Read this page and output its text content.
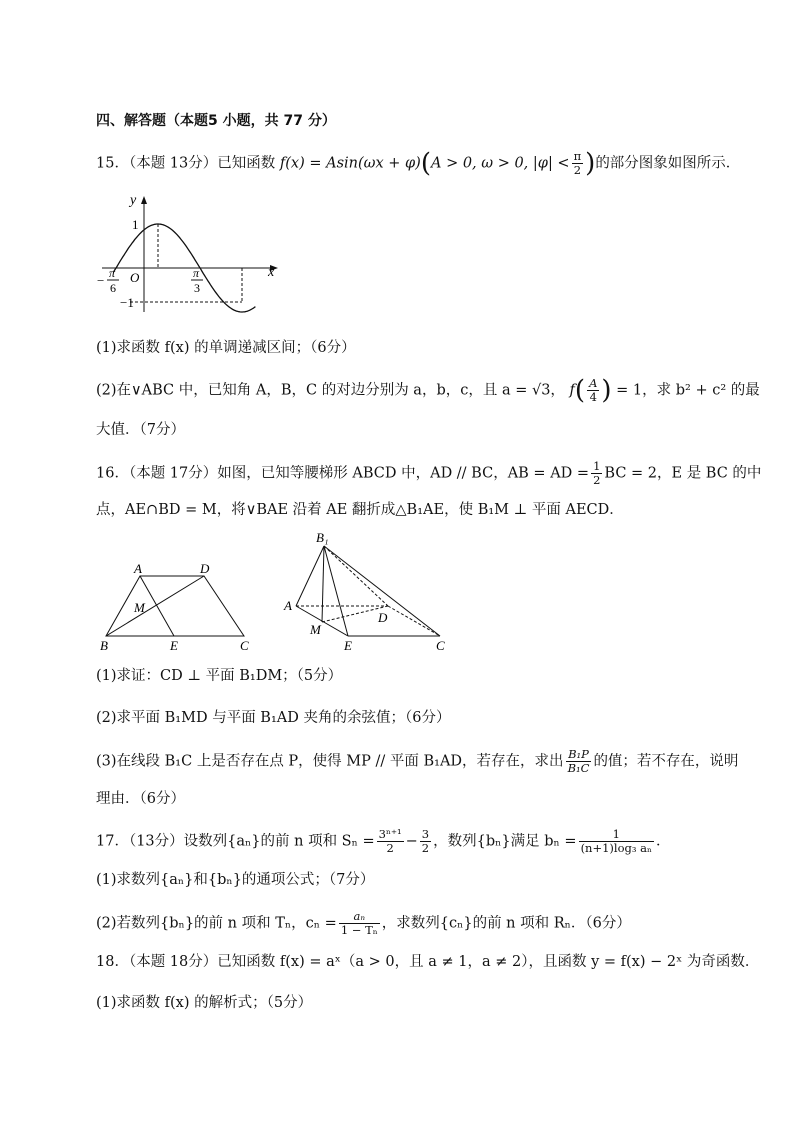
四、解答题（本题5 小题，共 77 分）
15．（本题 13分）已知函数 f(x) = Asin(ωx + φ)(A > 0, ω > 0, $|\varphi| < \frac{\pi}{2}$ )的部分图象如图所示．
y
x
1
O
−1
− π
6
π
3
(1)求函数 f(x) 的单调递减区间；（6分）
(2)在∨ABC 中，已知角 A，B，C 的对边分别为 a，b，c，且 a = √3， $f( \frac{A}{4}$ ) = 1，求 b² + c² 的最
大值．（7分）
16．（本题 17分）如图，已知等腰梯形 ABCD 中，AD // BC，AB = AD = $\frac{1}{2}$ BC = 2，E 是 BC 的中
点，AE∩BD = M，将∨BAE 沿着 AE 翻折成△B₁AE，使 B₁M ⊥ 平面 AECD．
A	D
M
B	E	C
B₁
A
D
M
E	C
(1)求证：CD ⊥ 平面 B₁DM；（5分）
(2)求平面 B₁MD 与平面 B₁AD 夹角的余弦值；（6分）
(3)在线段 B₁C 上是否存在点 P，使得 MP // 平面 B₁AD，若存在，求出 $\frac{\text{B₁P}}{\text{B₁C}}$ 的值；若不存在，说明
理由．（6分）
17．（13分）设数列{aₙ}的前 n 项和 $S_n = \frac{\text{3ⁿ⁺¹}}{2} - \frac{3}{2}$ ，数列{bₙ}满足 $b_n = \frac{1}{\text{(n+1)log₃ aₙ}}$ ．
(1)求数列{aₙ}和{bₙ}的通项公式；（7分）
(2)若数列{bₙ}的前 n 项和 Tₙ，$c_n = \frac{\text{aₙ}}{\text{1 − Tₙ}}$ ，求数列{cₙ}的前 n 项和 Rₙ．（6分）
18．（本题 18分）已知函数 f(x) = aˣ（a > 0，且 a ≠ 1，a ≠ 2），且函数 y = f(x) − 2ˣ 为奇函数．
(1)求函数 f(x) 的解析式；（5分）
